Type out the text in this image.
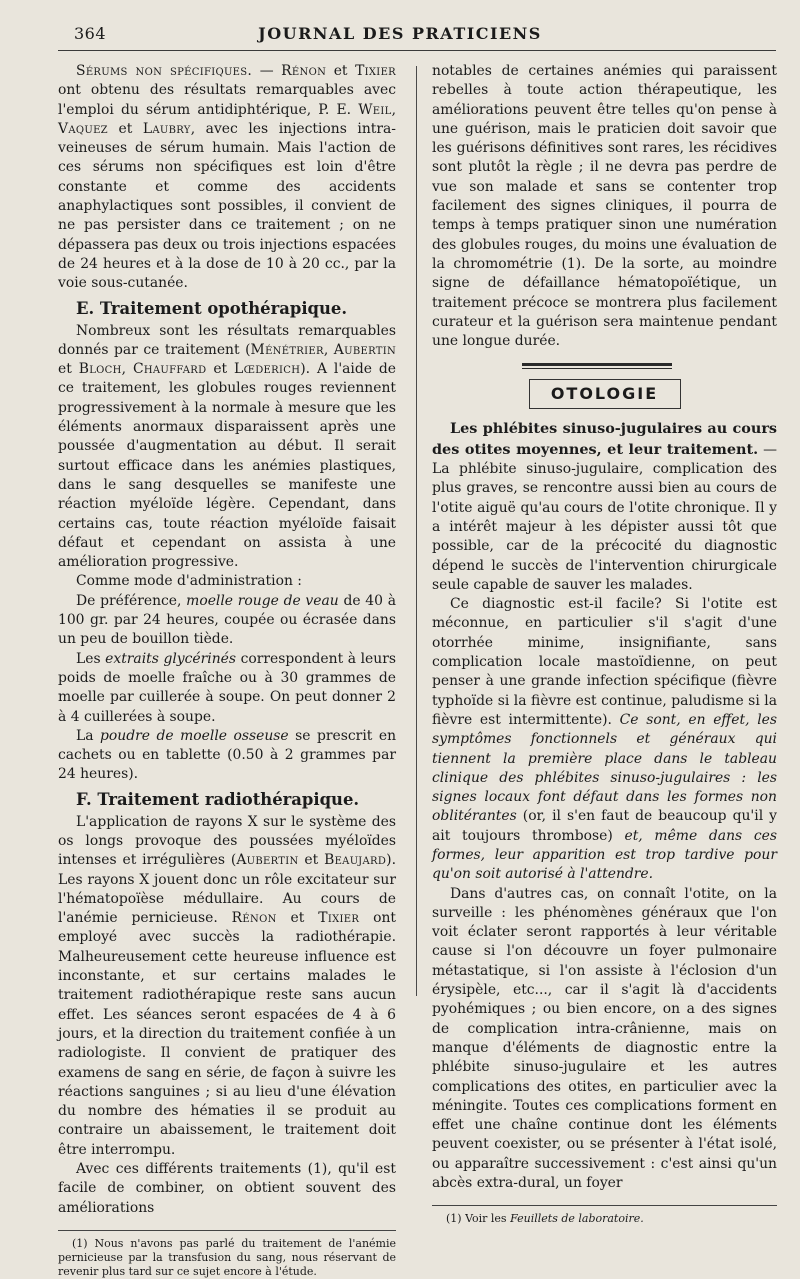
364	JOURNAL DES PRATICIENS

Sérums non spécifiques. — Rénon et Tixier ont obtenu des résultats remarquables avec l'emploi du sérum antidiphtérique, P. E. Weil, Vaquez et Laubry, avec les injections intra-veineuses de sérum humain. Mais l'action de ces sérums non spécifiques est loin d'être constante et comme des accidents anaphylactiques sont possibles, il convient de ne pas persister dans ce traitement ; on ne dépassera pas deux ou trois injections espacées de 24 heures et à la dose de 10 à 20 cc., par la voie sous-cutanée.

E. Traitement opothérapique.

Nombreux sont les résultats remarquables donnés par ce traitement (Ménétrier, Aubertin et Bloch, Chauffard et Lœderich). A l'aide de ce traitement, les globules rouges reviennent progressivement à la normale à mesure que les éléments anormaux disparaissent après une poussée d'augmentation au début. Il serait surtout efficace dans les anémies plastiques, dans le sang desquelles se manifeste une réaction myéloïde légère. Cependant, dans certains cas, toute réaction myéloïde faisait défaut et cependant on assista à une amélioration progressive.

Comme mode d'administration :

De préférence, moelle rouge de veau de 40 à 100 gr. par 24 heures, coupée ou écrasée dans un peu de bouillon tiède.

Les extraits glycérinés correspondent à leurs poids de moelle fraîche ou à 30 grammes de moelle par cuillerée à soupe. On peut donner 2 à 4 cuillerées à soupe.

La poudre de moelle osseuse se prescrit en cachets ou en tablette (0.50 à 2 grammes par 24 heures).

F. Traitement radiothérapique.

L'application de rayons X sur le système des os longs provoque des poussées myéloïdes intenses et irrégulières (Aubertin et Beaujard). Les rayons X jouent donc un rôle excitateur sur l'hématopoïèse médullaire. Au cours de l'anémie pernicieuse. Rénon et Tixier ont employé avec succès la radiothérapie. Malheureusement cette heureuse influence est inconstante, et sur certains malades le traitement radiothérapique reste sans aucun effet. Les séances seront espacées de 4 à 6 jours, et la direction du traitement confiée à un radiologiste. Il convient de pratiquer des examens de sang en série, de façon à suivre les réactions sanguines ; si au lieu d'une élévation du nombre des hématies il se produit au contraire un abaissement, le traitement doit être interrompu.

Avec ces différents traitements (1), qu'il est facile de combiner, on obtient souvent des améliorations

(1) Nous n'avons pas parlé du traitement de l'anémie pernicieuse par la transfusion du sang, nous réservant de revenir plus tard sur ce sujet encore à l'étude.

notables de certaines anémies qui paraissent rebelles à toute action thérapeutique, les améliorations peuvent être telles qu'on pense à une guérison, mais le praticien doit savoir que les guérisons définitives sont rares, les récidives sont plutôt la règle ; il ne devra pas perdre de vue son malade et sans se contenter trop facilement des signes cliniques, il pourra de temps à temps pratiquer sinon une numération des globules rouges, du moins une évaluation de la chromométrie (1). De la sorte, au moindre signe de défaillance hématopoïétique, un traitement précoce se montrera plus facilement curateur et la guérison sera maintenue pendant une longue durée.

OTOLOGIE

Les phlébites sinuso-jugulaires au cours des otites moyennes, et leur traitement. — La phlébite sinuso-jugulaire, complication des plus graves, se rencontre aussi bien au cours de l'otite aiguë qu'au cours de l'otite chronique. Il y a intérêt majeur à les dépister aussi tôt que possible, car de la précocité du diagnostic dépend le succès de l'intervention chirurgicale seule capable de sauver les malades.

Ce diagnostic est-il facile? Si l'otite est méconnue, en particulier s'il s'agit d'une otorrhée minime, insignifiante, sans complication locale mastoïdienne, on peut penser à une grande infection spécifique (fièvre typhoïde si la fièvre est continue, paludisme si la fièvre est intermittente). Ce sont, en effet, les symptômes fonctionnels et généraux qui tiennent la première place dans le tableau clinique des phlébites sinuso-jugulaires : les signes locaux font défaut dans les formes non oblitérantes (or, il s'en faut de beaucoup qu'il y ait toujours thrombose) et, même dans ces formes, leur apparition est trop tardive pour qu'on soit autorisé à l'attendre.

Dans d'autres cas, on connaît l'otite, on la surveille : les phénomènes généraux que l'on voit éclater seront rapportés à leur véritable cause si l'on découvre un foyer pulmonaire métastatique, si l'on assiste à l'éclosion d'un érysipèle, etc..., car il s'agit là d'accidents pyohémiques ; ou bien encore, on a des signes de complication intra-crânienne, mais on manque d'éléments de diagnostic entre la phlébite sinuso-jugulaire et les autres complications des otites, en particulier avec la méningite. Toutes ces complications forment en effet une chaîne continue dont les éléments peuvent coexister, ou se présenter à l'état isolé, ou apparaître successivement : c'est ainsi qu'un abcès extra-dural, un foyer

(1) Voir les Feuillets de laboratoire.
